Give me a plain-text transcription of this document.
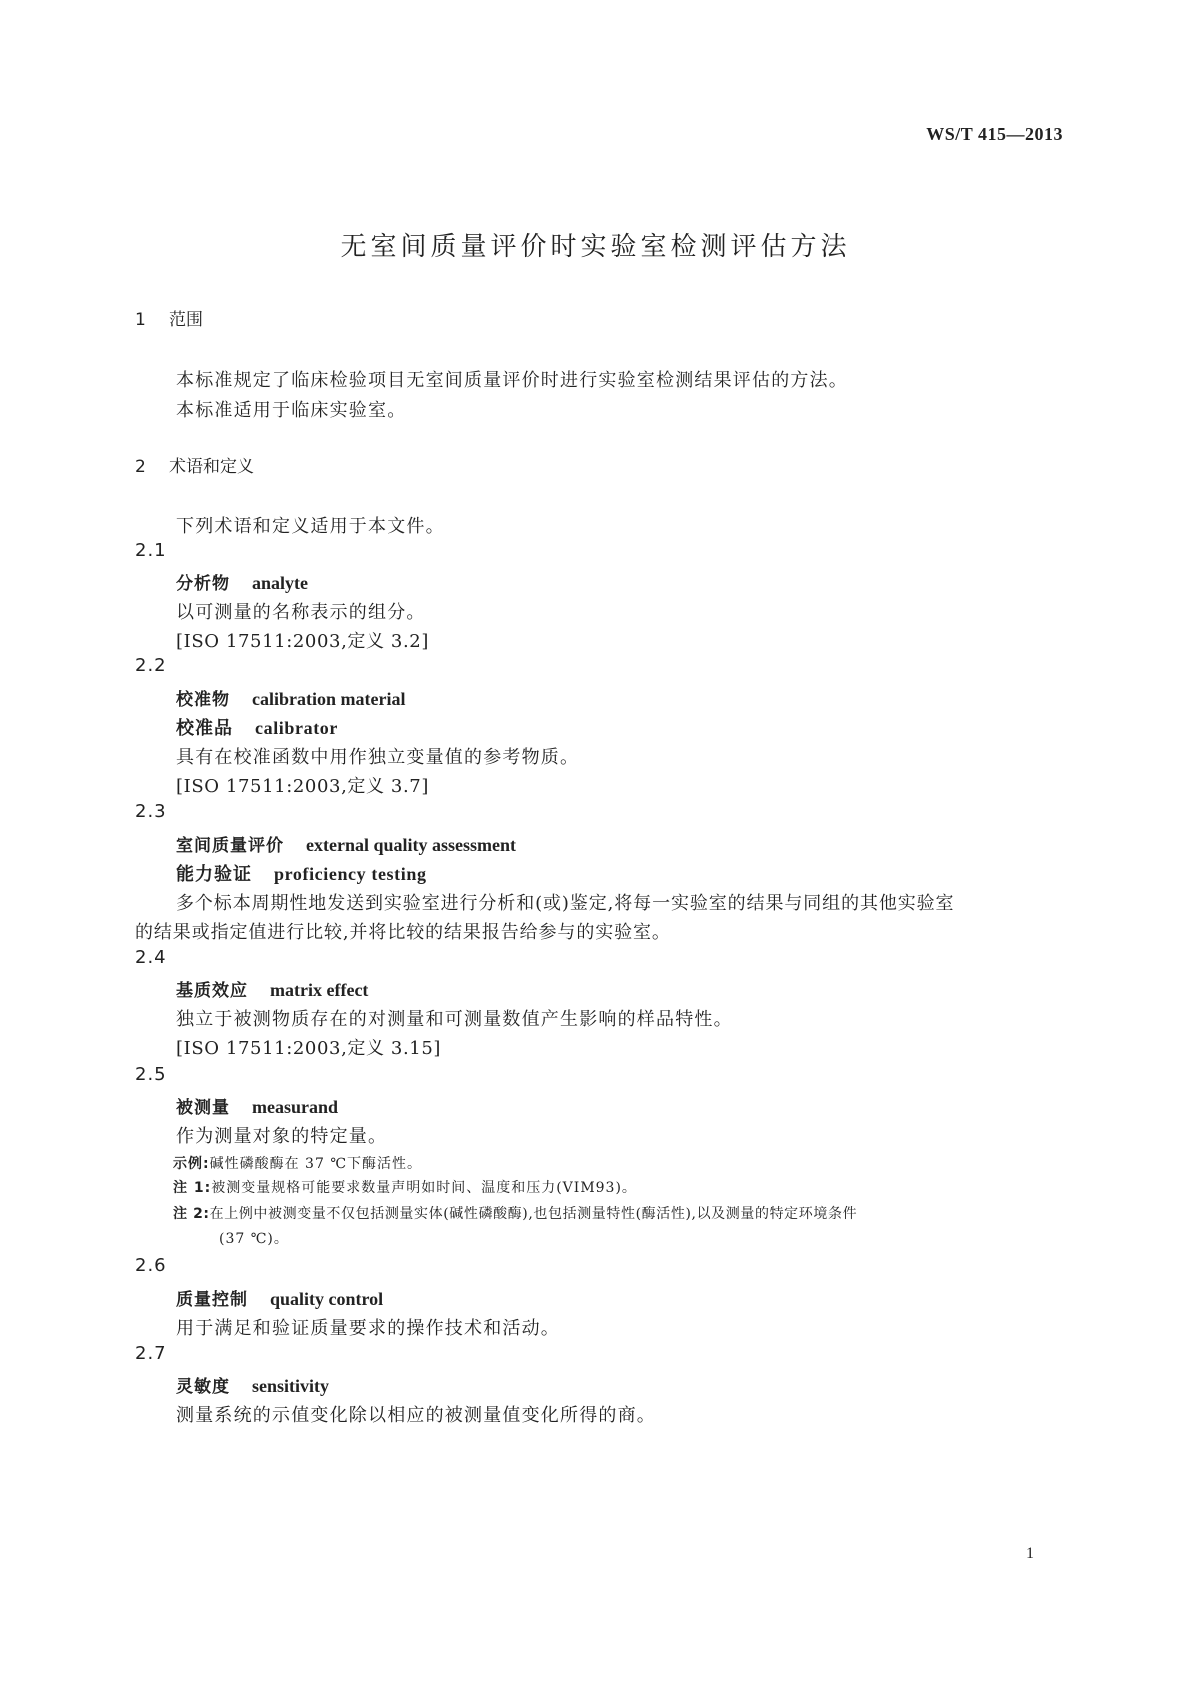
WS/T 415—2013
无室间质量评价时实验室检测评估方法
1 范围
本标准规定了临床检验项目无室间质量评价时进行实验室检测结果评估的方法。
本标准适用于临床实验室。
2 术语和定义
下列术语和定义适用于本文件。
2.1
分析物 analyte
以可测量的名称表示的组分。
[ISO 17511:2003,定义 3.2]
2.2
校准物 calibration material
校准品 calibrator
具有在校准函数中用作独立变量值的参考物质。
[ISO 17511:2003,定义 3.7]
2.3
室间质量评价 external quality assessment
能力验证 proficiency testing
多个标本周期性地发送到实验室进行分析和(或)鉴定,将每一实验室的结果与同组的其他实验室
的结果或指定值进行比较,并将比较的结果报告给参与的实验室。
2.4
基质效应 matrix effect
独立于被测物质存在的对测量和可测量数值产生影响的样品特性。
[ISO 17511:2003,定义 3.15]
2.5
被测量 measurand
作为测量对象的特定量。
示例:碱性磷酸酶在 37 ℃下酶活性。
注 1:被测变量规格可能要求数量声明如时间、温度和压力(VIM93)。
注 2:在上例中被测变量不仅包括测量实体(碱性磷酸酶),也包括测量特性(酶活性),以及测量的特定环境条件
(37 ℃)。
2.6
质量控制 quality control
用于满足和验证质量要求的操作技术和活动。
2.7
灵敏度 sensitivity
测量系统的示值变化除以相应的被测量值变化所得的商。
1
